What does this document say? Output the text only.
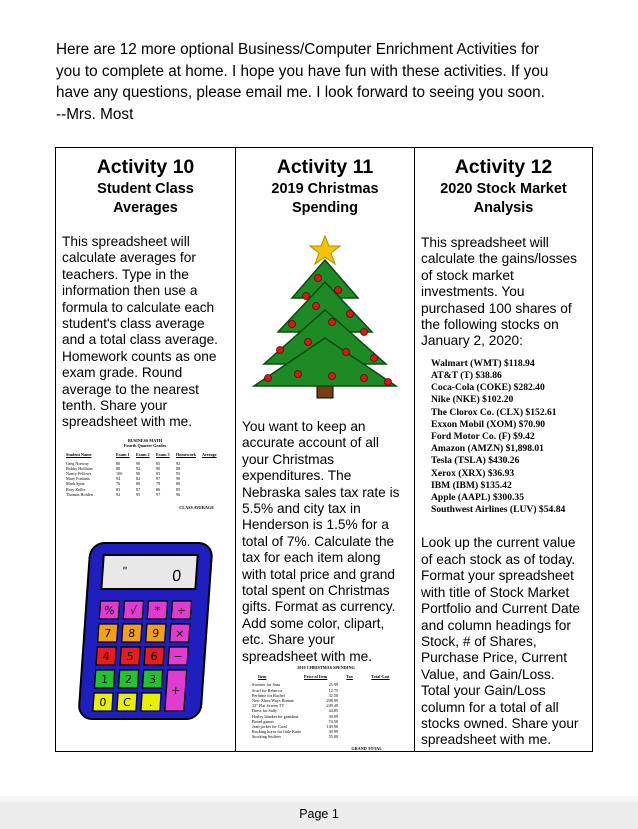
Here are 12 more optional Business/Computer Enrichment Activities for

you to complete at home. I hope you have fun with these activities. If you

have any questions, please email me. I look forward to seeing you soon.

--Mrs. Most

Activity 10
Student Class
Averages
This spreadsheet will
calculate averages for
teachers. Type in the
information then use a
formula to calculate each
student's class average
and a total class average.
Homework counts as one
exam grade. Round
average to the nearest
tenth. Share your
spreadsheet with me.
BUSINESS MATH
Fourth Quarter Grades
Student Name	Exam 1	Exam 2	Exam 3	Homework	Average
Greg Norway	80	90	85	92
Bobby Hollister	88	92	90	88
Nancy Fellows	100	90	95	95
Mary Fontana	94	82	97	90
Mark Spitz	76	80	79	80
Rory Zollie	83	87	86	85
Thomas Holden	92	95	97	96
CLASS AVERAGE
"	0
% √ * ÷
7 8 9 ×
4 5 6 −
1 2 3
+
0 C .
Activity 11
2019 Christmas
Spending
You want to keep an
accurate account of all
your Christmas
expenditures. The
Nebraska sales tax rate is
5.5% and city tax in
Henderson is 1.5% for a
total of 7%. Calculate the
tax for each item along
with total price and grand
total spent on Christmas
gifts. Format as currency.
Add some color, clipart,
etc. Share your
spreadsheet with me.
2019 CHRISTMAS SPENDING
Item	Price of Item	Tax	Total Cost
Sweater for Sam	25.99
Scarf for Rebecca	12.75
Perfume for Rachel	32.50
New Xbox/Ways Bonnie	298.99
32" Flat Screen TV	249.49
Dress for Sally	44.85
Harley blanket for grandma	30.99
Board games	74.50
Jean-jacket for Carol	149.90
Rocking horse for little Katie	39.99
Stocking Stuffers	55.00
GRAND TOTAL
Activity 12
2020 Stock Market
Analysis
This spreadsheet will
calculate the gains/losses
of stock market
investments. You
purchased 100 shares of
the following stocks on
January 2, 2020:
Walmart (WMT) $118.94
AT&T (T) $38.86
Coca-Cola (COKE) $282.40
Nike (NKE) $102.20
The Clorox Co. (CLX) $152.61
Exxon Mobil (XOM) $70.90
Ford Motor Co. (F) $9.42
Amazon (AMZN) $1,898.01
Tesla (TSLA) $430.26
Xerox (XRX) $36.93
IBM (IBM) $135.42
Apple (AAPL) $300.35
Southwest Airlines (LUV) $54.84
Look up the current value
of each stock as of today.
Format your spreadsheet
with title of Stock Market
Portfolio and Current Date
and column headings for
Stock, # of Shares,
Purchase Price, Current
Value, and Gain/Loss.
Total your Gain/Loss
column for a total of all
stocks owned. Share your
spreadsheet with me.
Page 1
